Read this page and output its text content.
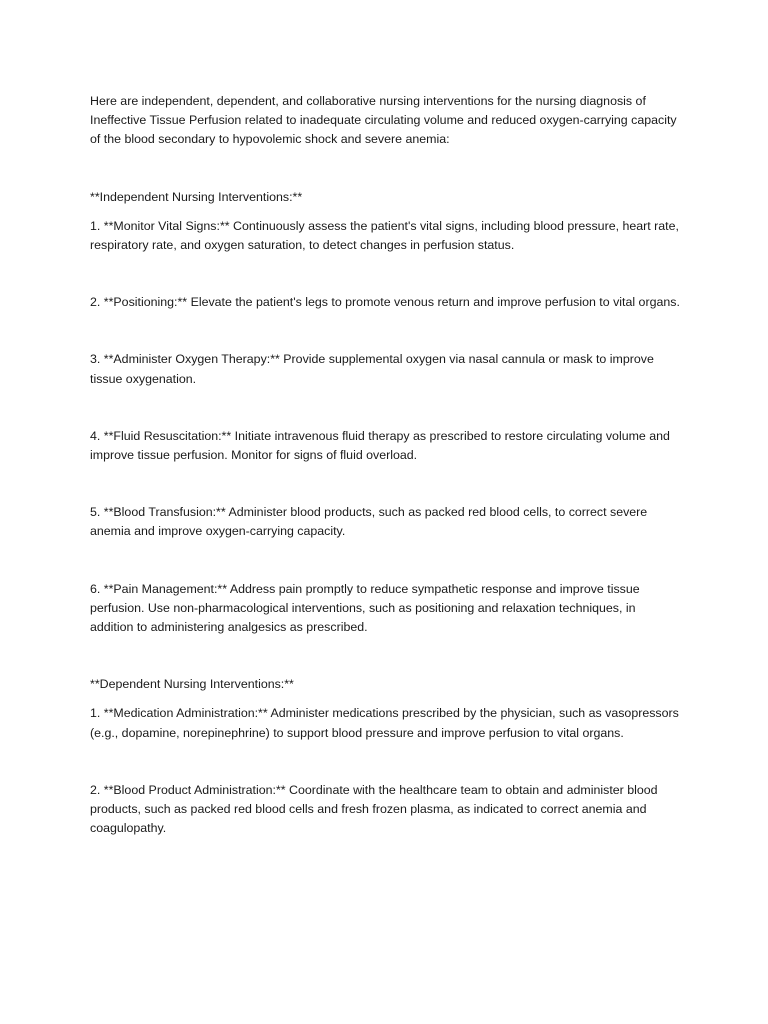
Here are independent, dependent, and collaborative nursing interventions for the nursing diagnosis of Ineffective Tissue Perfusion related to inadequate circulating volume and reduced oxygen-carrying capacity of the blood secondary to hypovolemic shock and severe anemia:

**Independent Nursing Interventions:**

1. **Monitor Vital Signs:** Continuously assess the patient's vital signs, including blood pressure, heart rate, respiratory rate, and oxygen saturation, to detect changes in perfusion status.

2. **Positioning:** Elevate the patient's legs to promote venous return and improve perfusion to vital organs.

3. **Administer Oxygen Therapy:** Provide supplemental oxygen via nasal cannula or mask to improve tissue oxygenation.

4. **Fluid Resuscitation:** Initiate intravenous fluid therapy as prescribed to restore circulating volume and improve tissue perfusion. Monitor for signs of fluid overload.

5. **Blood Transfusion:** Administer blood products, such as packed red blood cells, to correct severe anemia and improve oxygen-carrying capacity.

6. **Pain Management:** Address pain promptly to reduce sympathetic response and improve tissue perfusion. Use non-pharmacological interventions, such as positioning and relaxation techniques, in addition to administering analgesics as prescribed.

**Dependent Nursing Interventions:**

1. **Medication Administration:** Administer medications prescribed by the physician, such as vasopressors (e.g., dopamine, norepinephrine) to support blood pressure and improve perfusion to vital organs.

2. **Blood Product Administration:** Coordinate with the healthcare team to obtain and administer blood products, such as packed red blood cells and fresh frozen plasma, as indicated to correct anemia and coagulopathy.
